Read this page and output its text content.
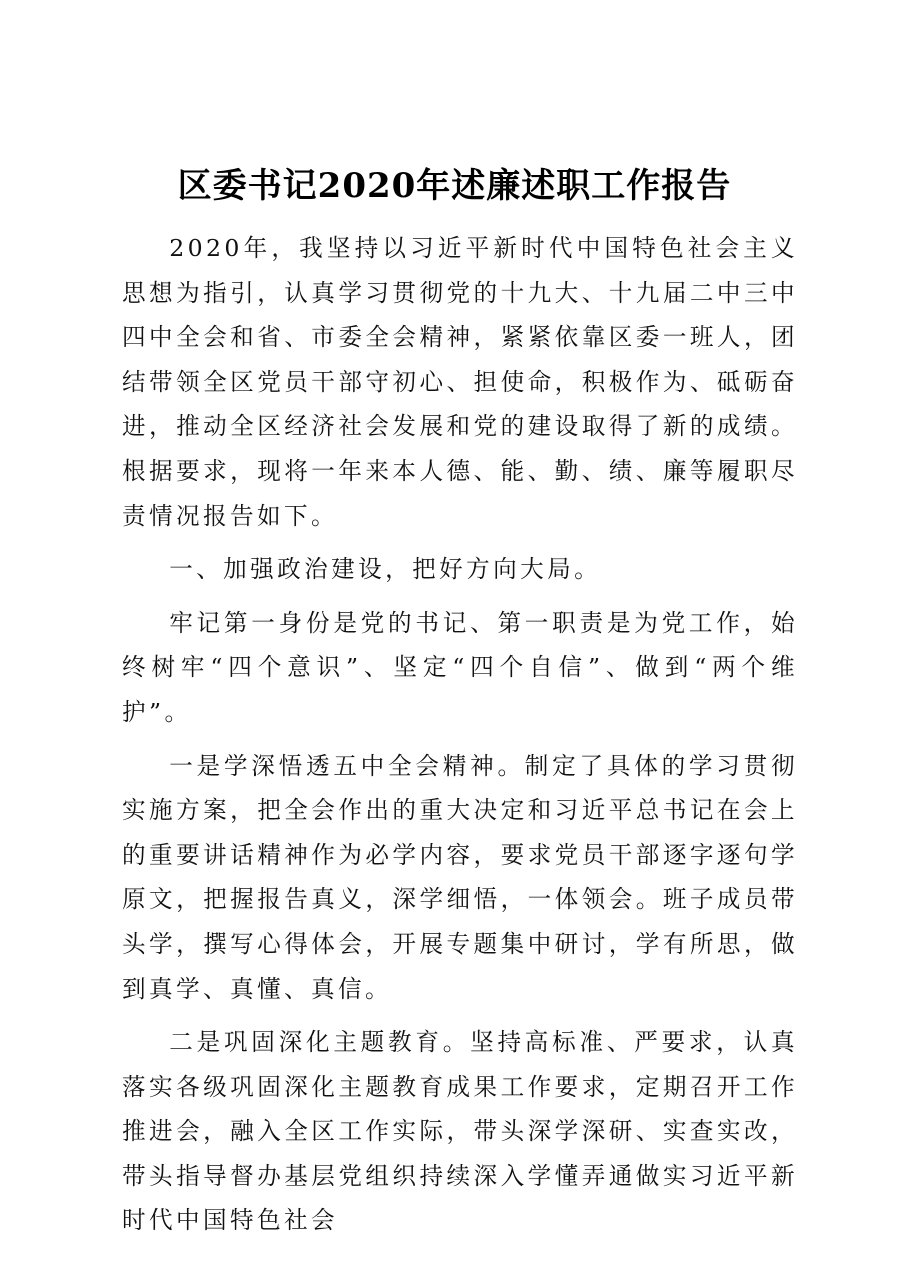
区委书记2020年述廉述职工作报告

2020年，我坚持以习近平新时代中国特色社会主义思想为指引，认真学习贯彻党的十九大、十九届二中三中四中全会和省、市委全会精神，紧紧依靠区委一班人，团结带领全区党员干部守初心、担使命，积极作为、砥砺奋进，推动全区经济社会发展和党的建设取得了新的成绩。根据要求，现将一年来本人德、能、勤、绩、廉等履职尽责情况报告如下。

一、加强政治建设，把好方向大局。

牢记第一身份是党的书记、第一职责是为党工作，始终树牢“四个意识”、坚定“四个自信”、做到“两个维护”。

一是学深悟透五中全会精神。制定了具体的学习贯彻实施方案，把全会作出的重大决定和习近平总书记在会上的重要讲话精神作为必学内容，要求党员干部逐字逐句学原文，把握报告真义，深学细悟，一体领会。班子成员带头学，撰写心得体会，开展专题集中研讨，学有所思，做到真学、真懂、真信。

二是巩固深化主题教育。坚持高标准、严要求，认真落实各级巩固深化主题教育成果工作要求，定期召开工作推进会，融入全区工作实际，带头深学深研、实查实改，带头指导督办基层党组织持续深入学懂弄通做实习近平新时代中国特色社会
